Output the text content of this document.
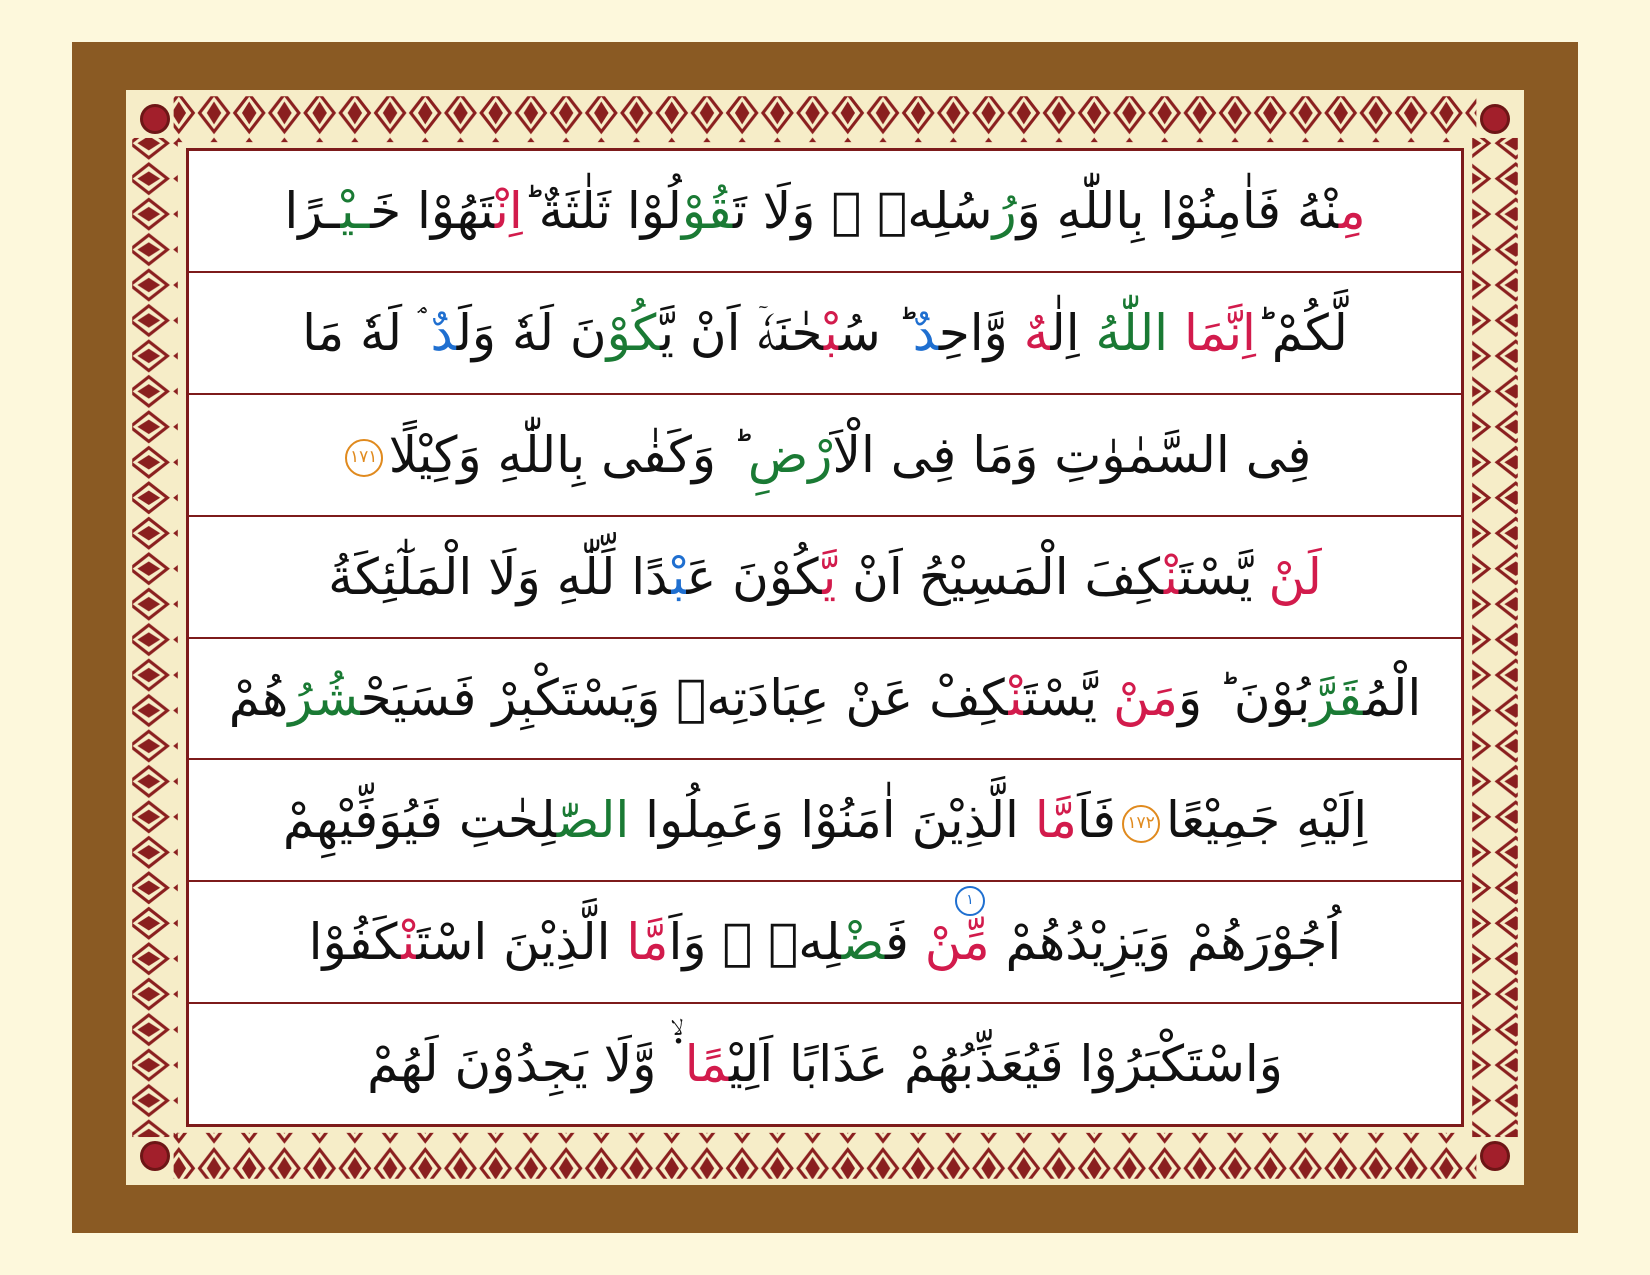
مِنْهُ فَاٰمِنُوْا بِاللّٰهِ وَرُسُلِهٖ ۚ وَلَا تَقُوْلُوْا ثَلٰثَةٌ ؕاِنْتَهُوْا خَـيْـرًا
لَّكُمْ ؕاِنَّمَا اللّٰهُ اِلٰهٌ وَّاحِدٌ ؕ سُبْحٰنَهٗۤ اَنْ يَّكُوْنَ لَهٗ وَلَدٌ ۘ لَهٗ مَا
فِى السَّمٰوٰتِ وَمَا فِى الْاَرْضِ ؕ وَكَفٰى بِاللّٰهِ وَكِيْلًا١٧١
لَنْ يَّسْتَنْكِفَ الْمَسِيْحُ اَنْ يَّكُوْنَ عَبْدًا لِّلّٰهِ وَلَا الْمَلٰٓئِكَةُ
الْمُقَرَّبُوْنَ ؕ وَمَنْ يَّسْتَنْكِفْ عَنْ عِبَادَتِهٖ وَيَسْتَكْبِرْ فَسَيَحْشُرُهُمْ
اِلَيْهِ جَمِيْعًا١٧٢فَاَمَّا الَّذِيْنَ اٰمَنُوْا وَعَمِلُوا الصّٰلِحٰتِ فَيُوَفِّيْهِمْ
١
اُجُوْرَهُمْ وَيَزِيْدُهُمْ مِّنْ فَضْلِهٖ ۚ وَاَمَّا الَّذِيْنَ اسْتَنْكَفُوْا
وَاسْتَكْبَرُوْا فَيُعَذِّبُهُمْ عَذَابًا اَلِيْمًا ۬ۙ وَّلَا يَجِدُوْنَ لَهُمْ
